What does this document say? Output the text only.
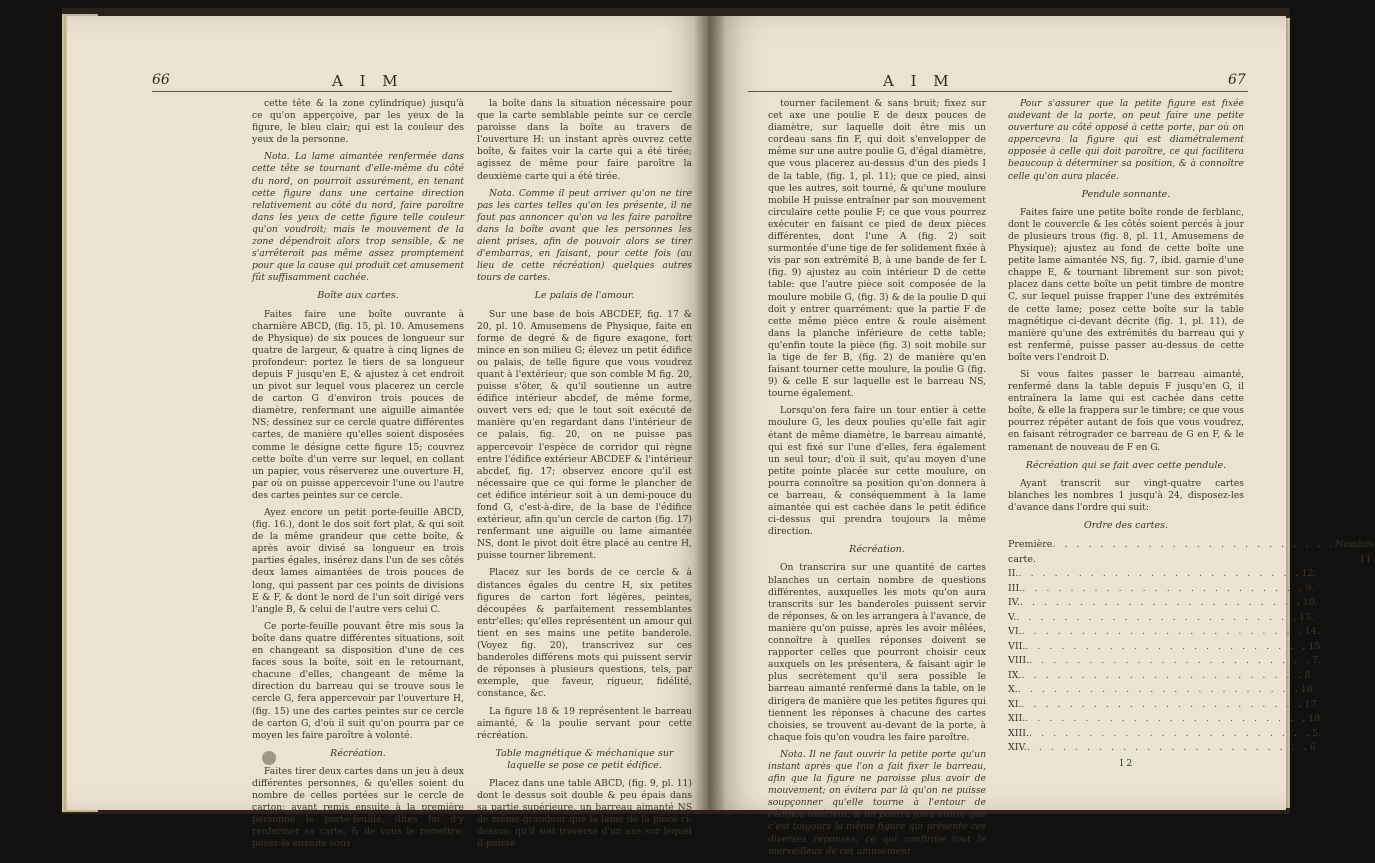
66	A I M

cette tête & la zone cylindrique) jusqu'à ce qu'on apperçoive, par les yeux de la figure, le bleu clair; qui est la couleur des yeux de la personne.

Nota. La lame aimantée renfermée dans cette tête se tournant d'elle-même du côté du nord, on pourroit assurément, en tenant cette figure dans une certaine direction relativement au côté du nord, faire paroître dans les yeux de cette figure telle couleur qu'on voudroit; mais le mouvement de la zone dépendroit alors trop sensible, & ne s'arrêteroit pas même assez promptement pour que la cause qui produit cet amusement fût suffisamment cachée.

Boîte aux cartes.

Faites faire une boîte ouvrante à charnière ABCD, (fig. 15, pl. 10. Amusemens de Physique) de six pouces de longueur sur quatre de largeur, & quatre à cinq lignes de profondeur: portez le tiers de sa longueur depuis F jusqu'en E, & ajustez à cet endroit un pivot sur lequel vous placerez un cercle de carton G d'environ trois pouces de diamètre, renfermant une aiguille aimantée NS; dessinez sur ce cercle quatre différentes cartes, de manière qu'elles soient disposées comme le désigne cette figure 15; couvrez cette boîte d'un verre sur lequel, en collant un papier, vous réserverez une ouverture H, par où on puisse appercevoir l'une ou l'autre des cartes peintes sur ce cercle.

Ayez encore un petit porte-feuille ABCD, (fig. 16.), dont le dos soit fort plat, & qui soit de la même grandeur que cette boîte, & après avoir divisé sa longueur en trois parties égales, insérez dans l'un de ses côtés deux lames aimantées de trois pouces de long, qui passent par ces points de divisions E & F, & dont le nord de l'un soit dirigé vers l'angle B, & celui de l'autre vers celui C.

Ce porte-feuille pouvant être mis sous la boîte dans quatre différentes situations, soit en changeant sa disposition d'une de ces faces sous la boîte, soit en le retournant, chacune d'elles, changeant de même la direction du barreau qui se trouve sous le cercle G, fera appercevoir par l'ouverture H, (fig. 15) une des cartes peintes sur ce cercle de carton G, d'où il suit qu'on pourra par ce moyen les faire paroître à volonté.

Récréation.

Faites tirer deux cartes dans un jeu à deux différentes personnes, & qu'elles soient du nombre de celles portées sur le cercle de carton; avant remis ensuite à la première personne le porte-feuille, dites lui d'y renfermer sa carte, & de vous le remettre; posez-le ensuite sous

la boîte dans la situation nécessaire pour que la carte semblable peinte sur ce cercle paroisse dans la boîte au travers de l'ouverture H: un instant après ouvrez cette boîte, & faites voir la carte qui a été tirée; agissez de même pour faire paroître la deuxième carte qui a été tirée.

Nota. Comme il peut arriver qu'on ne tire pas les cartes telles qu'on les présente, il ne faut pas annoncer qu'on va les faire paroître dans la boîte avant que les personnes les aient prises, afin de pouvoir alors se tirer d'embarras, en faisant, pour cette fois (au lieu de cette récréation) quelques autres tours de cartes.

Le palais de l'amour.

Sur une base de bois ABCDEF, fig. 17 & 20, pl. 10. Amusemens de Physique, faite en forme de degré & de figure exagone, fort mince en son milieu G; élevez un petit édifice ou palais, de telle figure que vous voudrez quant à l'extérieur; que son comble M fig. 20, puisse s'ôter, & qu'il soutienne un autre édifice intérieur abcdef, de même forme, ouvert vers ed; que le tout soit exécuté de manière qu'en regardant dans l'intérieur de ce palais, fig. 20, on ne puisse pas appercevoir l'espèce de corridor qui règne entre l'édifice extérieur ABCDEF & l'intérieur abcdef, fig. 17; observez encore qu'il est nécessaire que ce qui forme le plancher de cet édifice intérieur soit à un demi-pouce du fond G, c'est-à-dire, de la base de l'édifice extérieur, afin qu'un cercle de carton (fig. 17) renfermant une aiguille ou lame aimantée NS, dont le pivot doit être placé au centre H, puisse tourner librement.

Placez sur les bords de ce cercle & à distances égales du centre H, six petites figures de carton fort légères, peintes, découpées & parfaitement ressemblantes entr'elles; qu'elles représentent un amour qui tient en ses mains une petite banderole. (Voyez fig. 20), transcrivez sur ces banderoles différens mots qui puissent servir de réponses à plusieurs questions, tels, par exemple, que faveur, rigueur, fidélité, constance, &c.

La figure 18 & 19 représentent le barreau aimanté, & la poulie servant pour cette récréation.

Table magnétique & méchanique sur laquelle se pose ce petit édifice.

Placez dans une table ABCD, (fig. 9, pl. 11) dont le dessus soit double & peu épais dans sa partie supérieure, un barreau aimanté NS de même grandeur que la lame de la pièce ci-dessus; qu'il soit traversé d'un axe sur lequel il puisse

A I M	67

tourner facilement & sans bruit; fixez sur cet axe une poulie E de deux pouces de diamètre, sur laquelle doit être mis un cordeau sans fin F, qui doit s'envelopper de même sur une autre poulie G, d'égal diamètre, que vous placerez au-dessus d'un des pieds I de la table, (fig. 1, pl. 11); que ce pied, ainsi que les autres, soit tourné, & qu'une moulure mobile H puisse entraîner par son mouvement circulaire cette poulie F; ce que vous pourrez exécuter en faisant ce pied de deux pièces différentes, dont l'une A (fig. 2) soit surmontée d'une tige de fer solidement fixée à vis par son extrémité B, à une bande de fer L (fig. 9) ajustez au coin intérieur D de cette table: que l'autre pièce soit composée de la moulure mobile G, (fig. 3) & de la poulie D qui doit y entrer quarrément: que la partie F de cette même pièce entre & roule aisément dans la planche inférieure de cette table; qu'enfin toute la pièce (fig. 3) soit mobile sur la tige de fer B, (fig. 2) de manière qu'en faisant tourner cette moulure, la poulie G (fig. 9) & celle E sur laquelle est le barreau NS, tourne également.

Lorsqu'on fera faire un tour entier à cette moulure G, les deux poulies qu'elle fait agir étant de même diamètre, le barreau aimanté, qui est fixé sur l'une d'elles, fera également un seul tour; d'où il suit, qu'au moyen d'une petite pointe placée sur cette moulure, on pourra connoître sa position qu'on donnera à ce barreau, & conséquemment à la lame aimantée qui est cachée dans le petit édifice ci-dessus qui prendra toujours la même direction.

Récréation.

On transcrira sur une quantité de cartes blanches un certain nombre de questions différentes, auxquelles les mots qu'on aura transcrits sur les banderoles puissent servir de réponses, & on les arrangera à l'avance, de manière qu'on puisse, après les avoir mêlées, connoître à quelles réponses doivent se rapporter celles que pourront choisir ceux auxquels on les présentera, & faisant agir le plus secrètement qu'il sera possible le barreau aimanté renfermé dans la table, on le dirigera de manière que les petites figures qui tiennent les réponses à chacune des cartes choisies, se trouvent au-devant de la porte, à chaque fois qu'on voudra les faire paroître.

Nota. Il ne faut ouvrir la petite porte qu'un instant après que l'on a fait fixer le barreau, afin que la figure ne paroisse plus avoir de mouvement; on évitera par là qu'on ne puisse soupçonner qu'elle tourne à l'entour de l'édifice intérieur, & on pourra faire croire que c'est toujours la même figure qui présente ces diverses réponses, ce qui confirme tout le merveilleux de cet amusement.

Pour s'assurer que la petite figure est fixée audevant de la porte, on peut faire une petite ouverture au côté opposé à cette porte, par où on appercevra la figure qui est diamétralement opposée à celle qui doit paroître, ce qui facilitera beaucoup à déterminer sa position, & à connoître celle qu'on aura placée.

Pendule sonnante.

Faites faire une petite boîte ronde de ferblanc, dont le couvercle & les côtés soient percés à jour de plusieurs trous (fig. 8, pl. 11, Amusemens de Physique); ajustez au fond de cette boîte une petite lame aimantée NS, fig. 7, ibid. garnie d'une chappe E, & tournant librement sur son pivot; placez dans cette boîte un petit timbre de montre C, sur lequel puisse frapper l'une des extrémités de cette lame; posez cette boîte sur la table magnétique ci-devant décrite (fig. 1, pl. 11), de manière qu'une des extrémités du barreau qui y est renfermé, puisse passer au-dessus de cette boîte vers l'endroit D.

Si vous faites passer le barreau aimanté, renfermé dans la table depuis F jusqu'en G, il entraînera la lame qui est cachée dans cette boîte, & elle la frappera sur le timbre; ce que vous pourrez répéter autant de fois que vous voudrez, en faisant rétrograder ce barreau de G en F, & le ramenant de nouveau de F en G.

Récréation qui se fait avec cette pendule.

Ayant transcrit sur vingt-quatre cartes blanches les nombres 1 jusqu'à 24, disposez-les d'avance dans l'ordre qui suit:

Ordre des cartes.
Première carte.
. . . . . . . . . . . . . . . . . . . . . . . . Nombre 11.
II. . . . . . . . . . . . . . . . . . . . . . . . . 12.
III. . . . . . . . . . . . . . . . . . . . . . . . . 9.
IV. . . . . . . . . . . . . . . . . . . . . . . . . 10.
V. . . . . . . . . . . . . . . . . . . . . . . . . 13.
VI. . . . . . . . . . . . . . . . . . . . . . . . . 14.
VII. . . . . . . . . . . . . . . . . . . . . . . . . 15.
VIII. . . . . . . . . . . . . . . . . . . . . . . . . 7.
IX. . . . . . . . . . . . . . . . . . . . . . . . . 8.
X. . . . . . . . . . . . . . . . . . . . . . . . . 16.
XI. . . . . . . . . . . . . . . . . . . . . . . . . 17.
XII. . . . . . . . . . . . . . . . . . . . . . . . . 18.
XIII. . . . . . . . . . . . . . . . . . . . . . . . . 5.
XIV. . . . . . . . . . . . . . . . . . . . . . . . . 6.
I 2
